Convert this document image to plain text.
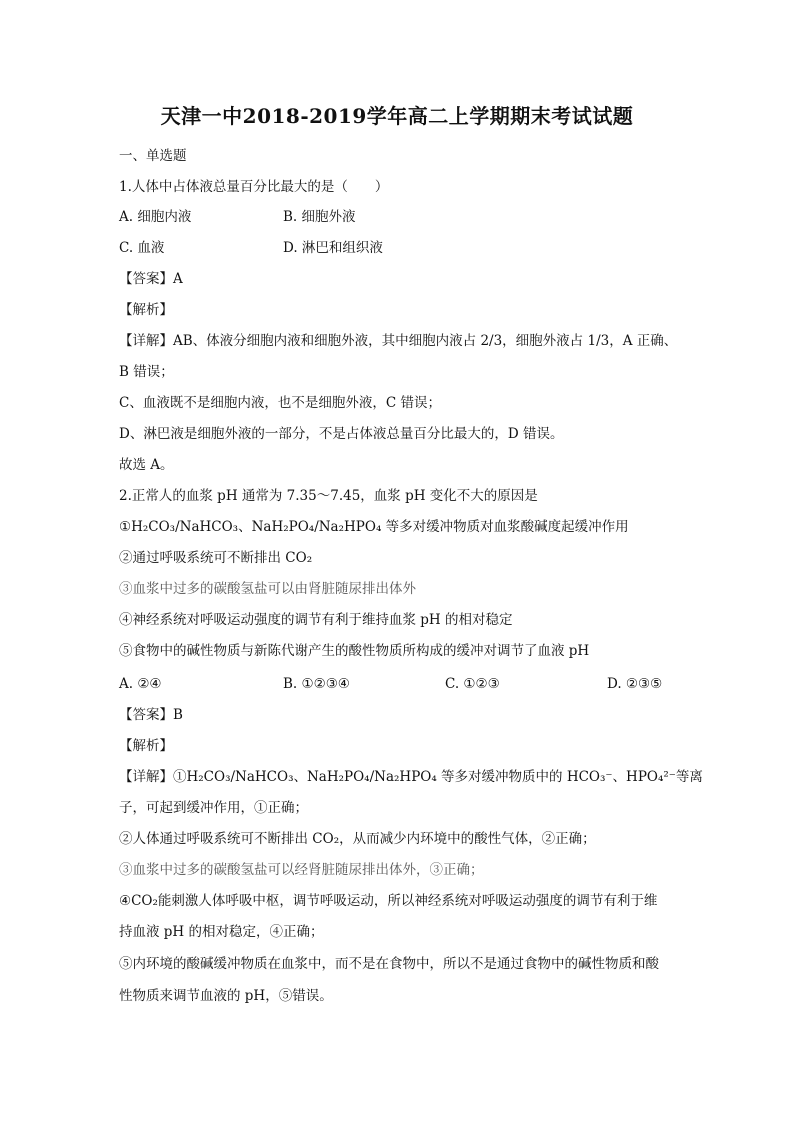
天津一中2018-2019学年高二上学期期末考试试题
一、单选题
1.人体中占体液总量百分比最大的是（　　）
A. 细胞内液	B. 细胞外液
C. 血液	D. 淋巴和组织液
【答案】A
【解析】
【详解】AB、体液分细胞内液和细胞外液，其中细胞内液占 2/3，细胞外液占 1/3，A 正确、
B 错误；
C、血液既不是细胞内液，也不是细胞外液，C 错误；
D、淋巴液是细胞外液的一部分，不是占体液总量百分比最大的，D 错误。
故选 A。
2.正常人的血浆 pH 通常为 7.35～7.45，血浆 pH 变化不大的原因是
①H₂CO₃/NaHCO₃、NaH₂PO₄/Na₂HPO₄ 等多对缓冲物质对血浆酸碱度起缓冲作用
②通过呼吸系统可不断排出 CO₂
③血浆中过多的碳酸氢盐可以由肾脏随尿排出体外
④神经系统对呼吸运动强度的调节有利于维持血浆 pH 的相对稳定
⑤食物中的碱性物质与新陈代谢产生的酸性物质所构成的缓冲对调节了血液 pH
A. ②④	B. ①②③④	C. ①②③	D. ②③⑤
【答案】B
【解析】
【详解】①H₂CO₃/NaHCO₃、NaH₂PO₄/Na₂HPO₄ 等多对缓冲物质中的 HCO₃⁻、HPO₄²⁻等离
子，可起到缓冲作用，①正确；
②人体通过呼吸系统可不断排出 CO₂，从而减少内环境中的酸性气体，②正确；
③血浆中过多的碳酸氢盐可以经肾脏随尿排出体外，③正确；
④CO₂能刺激人体呼吸中枢，调节呼吸运动，所以神经系统对呼吸运动强度的调节有利于维
持血液 pH 的相对稳定，④正确；
⑤内环境的酸碱缓冲物质在血浆中，而不是在食物中，所以不是通过食物中的碱性物质和酸
性物质来调节血液的 pH，⑤错误。
